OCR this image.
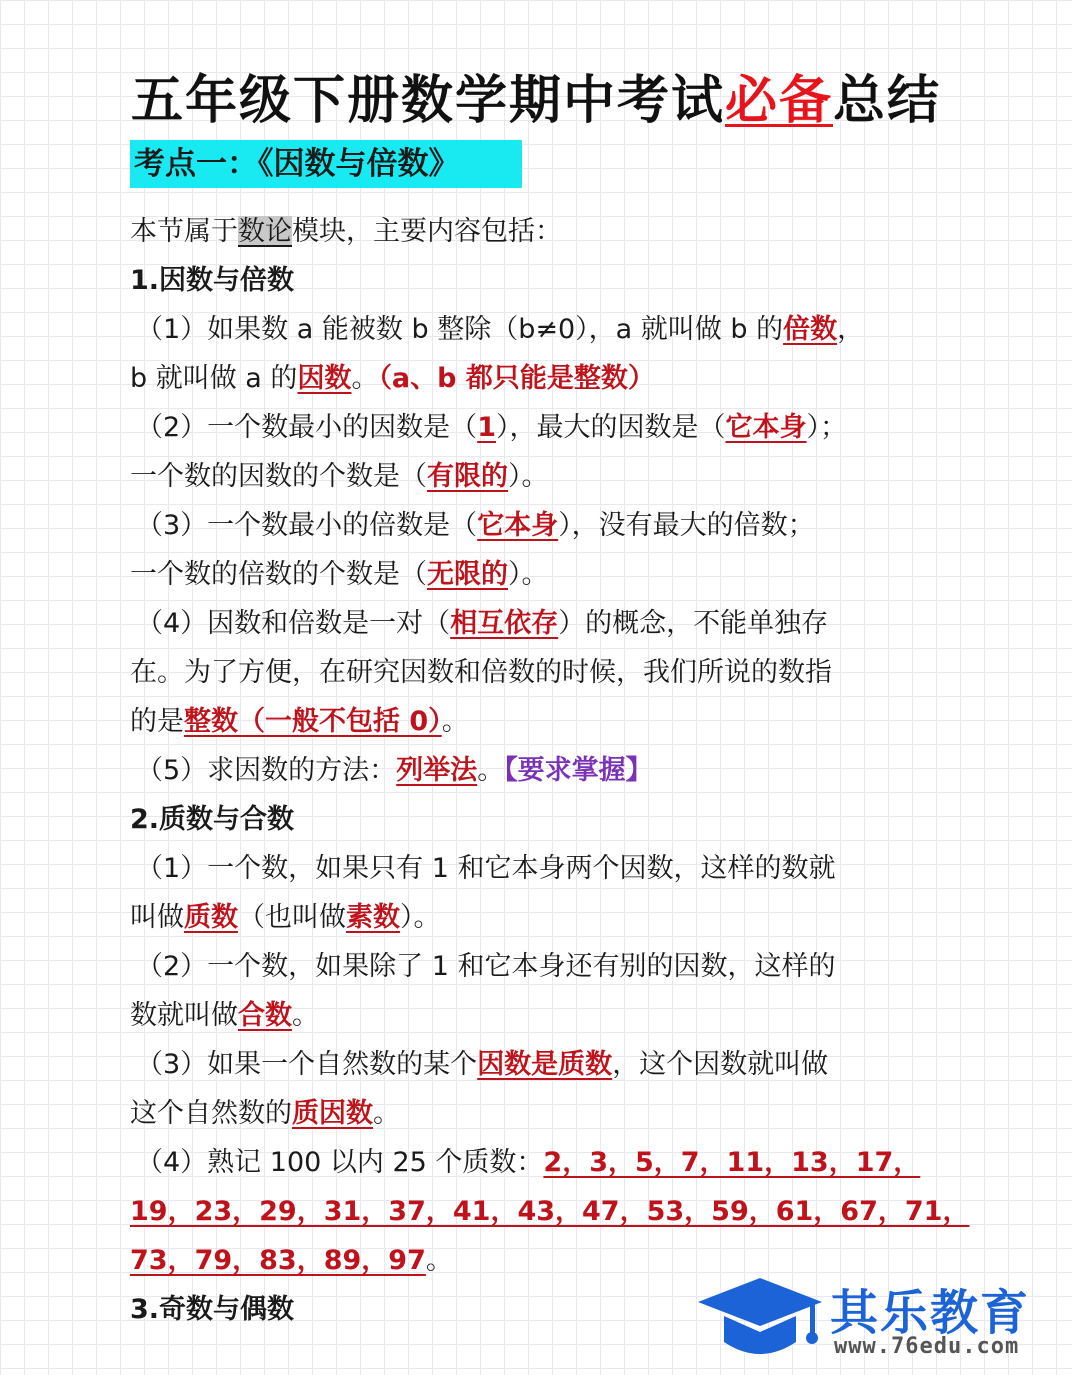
五年级下册数学期中考试必备总结
考点一：《因数与倍数》
本节属于数论模块，主要内容包括：
1.因数与倍数
（1）如果数 a 能被数 b 整除（b≠0），a 就叫做 b 的倍数，
b 就叫做 a 的因数。（a、b 都只能是整数）
（2）一个数最小的因数是（1），最大的因数是（它本身）；
一个数的因数的个数是（有限的）。
（3）一个数最小的倍数是（它本身），没有最大的倍数；
一个数的倍数的个数是（无限的）。
（4）因数和倍数是一对（相互依存）的概念，不能单独存
在。为了方便，在研究因数和倍数的时候，我们所说的数指
的是整数（一般不包括 0）。
（5）求因数的方法：列举法。【要求掌握】
2.质数与合数
（1）一个数，如果只有 1 和它本身两个因数，这样的数就
叫做质数（也叫做素数）。
（2）一个数，如果除了 1 和它本身还有别的因数，这样的
数就叫做合数。
（3）如果一个自然数的某个因数是质数，这个因数就叫做
这个自然数的质因数。
（4）熟记 100 以内 25 个质数：2，3，5，7，11，13，17，
19，23，29，31，37，41，43，47，53，59，61，67，71，
73，79，83，89，97。
3.奇数与偶数	其乐教育
www.76edu.com
